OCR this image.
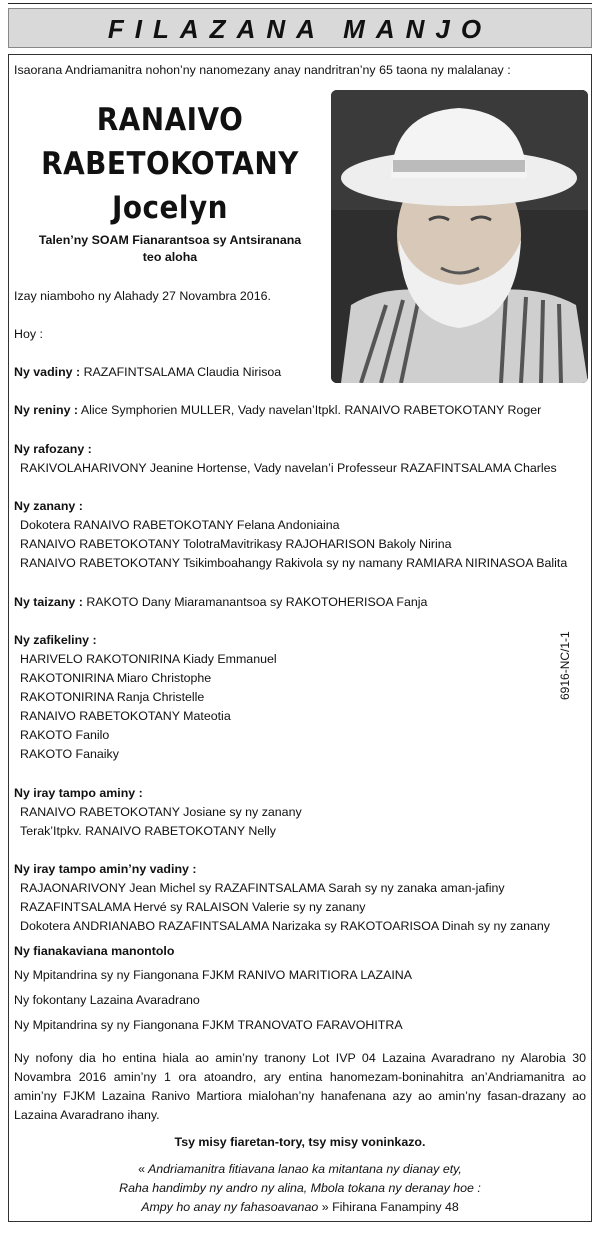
FILAZANA MANJO
Isaorana Andriamanitra nohon’ny nanomezany anay nandritran’ny 65 taona ny malalanay :
RANAIVO
RABETOKOTANY
Jocelyn
Talen’ny SOAM Fianarantsoa sy Antsiranana
teo aloha
Izay niamboho ny Alahady 27 Novambra 2016.
Hoy :
Ny vadiny : RAZAFINTSALAMA Claudia Nirisoa
Ny reniny : Alice Symphorien MULLER, Vady navelan’Itpkl. RANAIVO RABETOKOTANY Roger
Ny rafozany :
RAKIVOLAHARIVONY Jeanine Hortense, Vady navelan’i Professeur RAZAFINTSALAMA Charles
Ny zanany :
Dokotera RANAIVO RABETOKOTANY Felana Andoniaina
RANAIVO RABETOKOTANY TolotraMavitrikasy RAJOHARISON Bakoly Nirina
RANAIVO RABETOKOTANY Tsikimboahangy Rakivola sy ny namany RAMIARA NIRINASOA Balita
Ny taizany : RAKOTO Dany Miaramanantsoa sy RAKOTOHERISOA Fanja
Ny zafikeliny :
HARIVELO RAKOTONIRINA Kiady Emmanuel
RAKOTONIRINA Miaro Christophe
RAKOTONIRINA Ranja Christelle
RANAIVO RABETOKOTANY Mateotia
RAKOTO Fanilo
RAKOTO Fanaiky
6916-NC/1-1
Ny iray tampo aminy :
RANAIVO RABETOKOTANY Josiane sy ny zanany
Terak’Itpkv. RANAIVO RABETOKOTANY Nelly
Ny iray tampo amin’ny vadiny :
RAJAONARIVONY Jean Michel sy RAZAFINTSALAMA Sarah sy ny zanaka aman-jafiny
RAZAFINTSALAMA Hervé sy RALAISON Valerie sy ny zanany
Dokotera ANDRIANABO RAZAFINTSALAMA Narizaka sy RAKOTOARISOA Dinah sy ny zanany
Ny fianakaviana manontolo
Ny Mpitandrina sy ny Fiangonana FJKM RANIVO MARITIORA LAZAINA
Ny fokontany Lazaina Avaradrano
Ny Mpitandrina sy ny Fiangonana FJKM TRANOVATO FARAVOHITRA
Ny nofony dia ho entina hiala ao amin’ny tranony Lot IVP 04 Lazaina Avaradrano ny Alarobia 30 Novambra 2016 amin’ny 1 ora atoandro, ary entina hanomezam-boninahitra an’Andriamanitra ao amin’ny FJKM Lazaina Ranivo Martiora mialohan’ny hanafenana azy ao amin’ny fasan-drazany ao Lazaina Avaradrano ihany.
Tsy misy fiaretan-tory, tsy misy voninkazo.
« Andriamanitra fitiavana lanao ka mitantana ny dianay ety,
Raha handimby ny andro ny alina, Mbola tokana ny deranay hoe :
Ampy ho anay ny fahasoavanao » Fihirana Fanampiny 48
